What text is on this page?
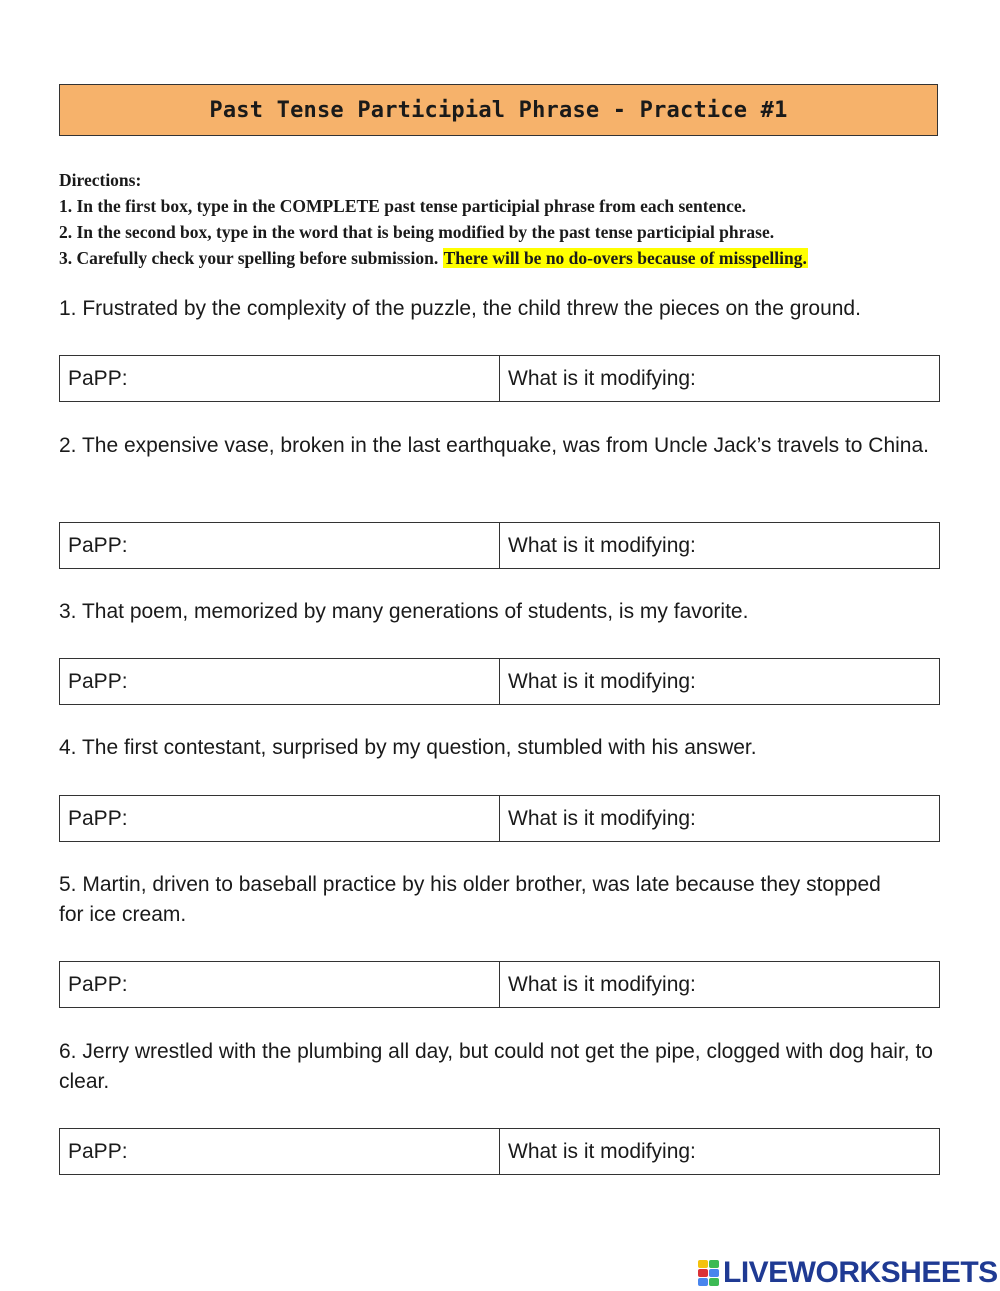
Past Tense Participial Phrase - Practice #1
Directions:
1. In the first box, type in the COMPLETE past tense participial phrase from each sentence.
2. In the second box, type in the word that is being modified by the past tense participial phrase.
3. Carefully check your spelling before submission. There will be no do-overs because of misspelling.
1. Frustrated by the complexity of the puzzle, the child threw the pieces on the ground.
PaPP:	What is it modifying:
2. The expensive vase, broken in the last earthquake, was from Uncle Jack’s travels to China.
PaPP:	What is it modifying:
3. That poem, memorized by many generations of students, is my favorite.
PaPP:	What is it modifying:
4. The first contestant, surprised by my question, stumbled with his answer.
PaPP:	What is it modifying:
5. Martin, driven to baseball practice by his older brother, was late because they stopped for ice cream.
PaPP:	What is it modifying:
6. Jerry wrestled with the plumbing all day, but could not get the pipe, clogged with dog hair, to clear.
PaPP:	What is it modifying:
LIVEWORKSHEETS
